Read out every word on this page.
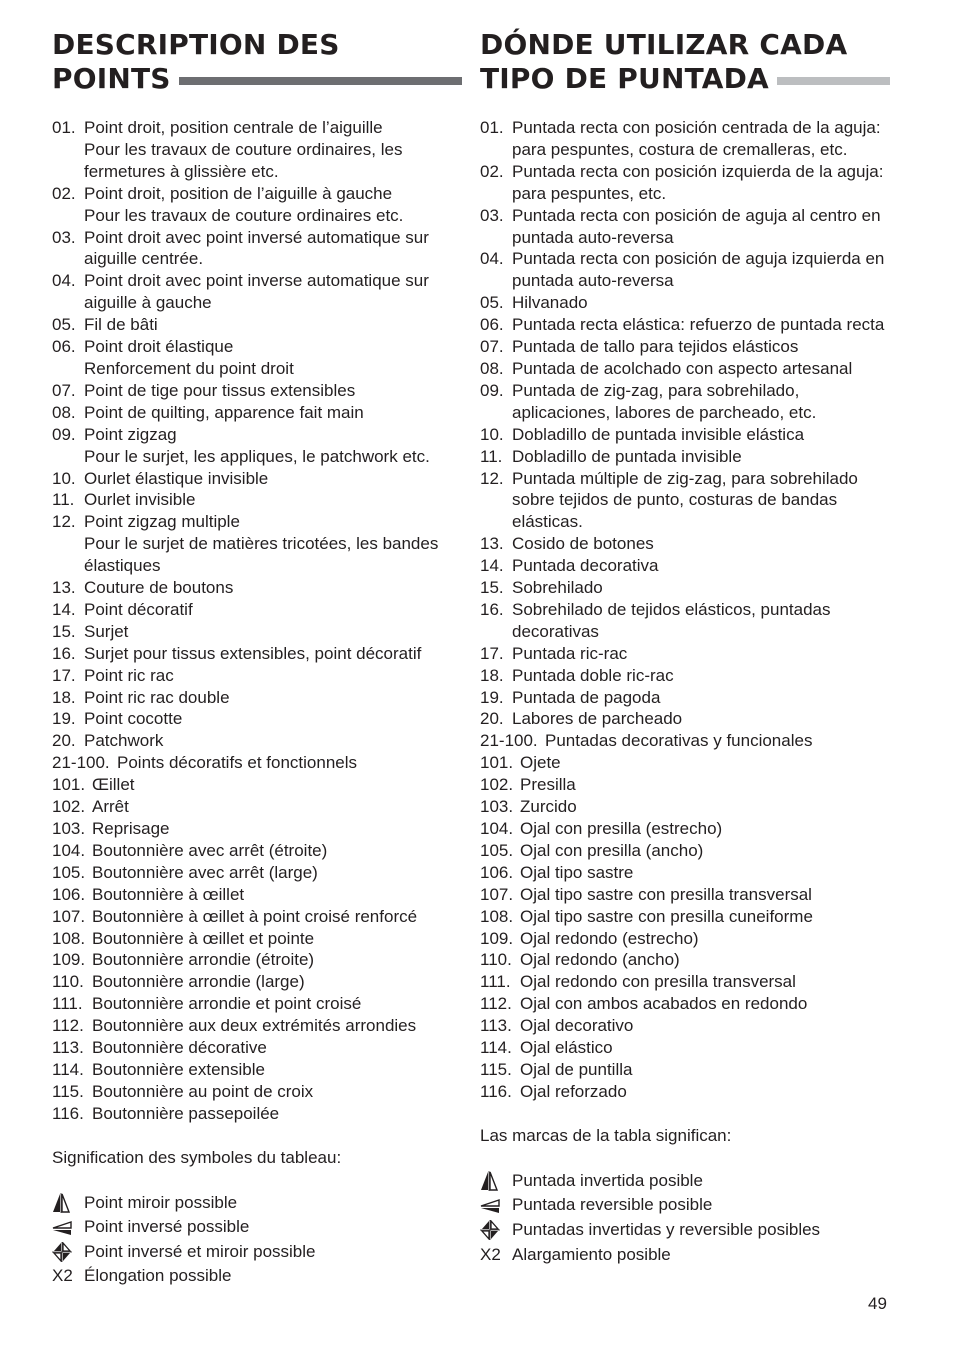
DESCRIPTION DES
POINTS
01. Point droit, position centrale de l’aiguille
Pour les travaux de couture ordinaires, les fermetures à glissière etc.
02. Point droit, position de l’aiguille à gauche
Pour les travaux de couture ordinaires etc.
03. Point droit avec point inversé automatique sur aiguille centrée.
04. Point droit avec point inverse automatique sur aiguille à gauche
05. Fil de bâti
06. Point droit élastique
Renforcement du point droit
07. Point de tige pour tissus extensibles
08. Point de quilting, apparence fait main
09. Point zigzag
Pour le surjet, les appliques, le patchwork etc.
10. Ourlet élastique invisible
11. Ourlet invisible
12. Point zigzag multiple
Pour le surjet de matières tricotées, les bandes élastiques
13. Couture de boutons
14. Point décoratif
15. Surjet
16. Surjet pour tissus extensibles, point décoratif
17. Point ric rac
18. Point ric rac double
19. Point cocotte
20. Patchwork
21-100. Points décoratifs et fonctionnels
101. Œillet
102. Arrêt
103. Reprisage
104. Boutonnière avec arrêt (étroite)
105. Boutonnière avec arrêt (large)
106. Boutonnière à œillet
107. Boutonnière à œillet à point croisé renforcé
108. Boutonnière à œillet et pointe
109. Boutonnière arrondie (étroite)
110. Boutonnière arrondie (large)
111. Boutonnière arrondie et point croisé
112. Boutonnière aux deux extrémités arrondies
113. Boutonnière décorative
114. Boutonnière extensible
115. Boutonnière au point de croix
116. Boutonnière passepoilée
Signification des symboles du tableau:
Point miroir possible
Point inversé possible
Point inversé et miroir possible
X2 Élongation possible
DÓNDE UTILIZAR CADA
TIPO DE PUNTADA
01. Puntada recta con posición centrada de la aguja: para pespuntes, costura de cremalleras, etc.
02. Puntada recta con posición izquierda de la aguja: para pespuntes, etc.
03. Puntada recta con posición de aguja al centro en puntada auto-reversa
04. Puntada recta con posición de aguja izquierda en puntada auto-reversa
05. Hilvanado
06. Puntada recta elástica: refuerzo de puntada recta
07. Puntada de tallo para tejidos elásticos
08. Puntada de acolchado con aspecto artesanal
09. Puntada de zig-zag, para sobrehilado, aplicaciones, labores de parcheado, etc.
10. Dobladillo de puntada invisible elástica
11. Dobladillo de puntada invisible
12. Puntada múltiple de zig-zag, para sobrehilado sobre tejidos de punto, costuras de bandas elásticas.
13. Cosido de botones
14. Puntada decorativa
15. Sobrehilado
16. Sobrehilado de tejidos elásticos, puntadas decorativas
17. Puntada ric-rac
18. Puntada doble ric-rac
19. Puntada de pagoda
20. Labores de parcheado
21-100. Puntadas decorativas y funcionales
101. Ojete
102. Presilla
103. Zurcido
104. Ojal con presilla (estrecho)
105. Ojal con presilla (ancho)
106. Ojal tipo sastre
107. Ojal tipo sastre con presilla transversal
108. Ojal tipo sastre con presilla cuneiforme
109. Ojal redondo (estrecho)
110. Ojal redondo (ancho)
111. Ojal redondo con presilla transversal
112. Ojal con ambos acabados en redondo
113. Ojal decorativo
114. Ojal elástico
115. Ojal de puntilla
116. Ojal reforzado
Las marcas de la tabla significan:
Puntada invertida posible
Puntada reversible posible
Puntadas invertidas y reversible posibles
X2 Alargamiento posible
49
